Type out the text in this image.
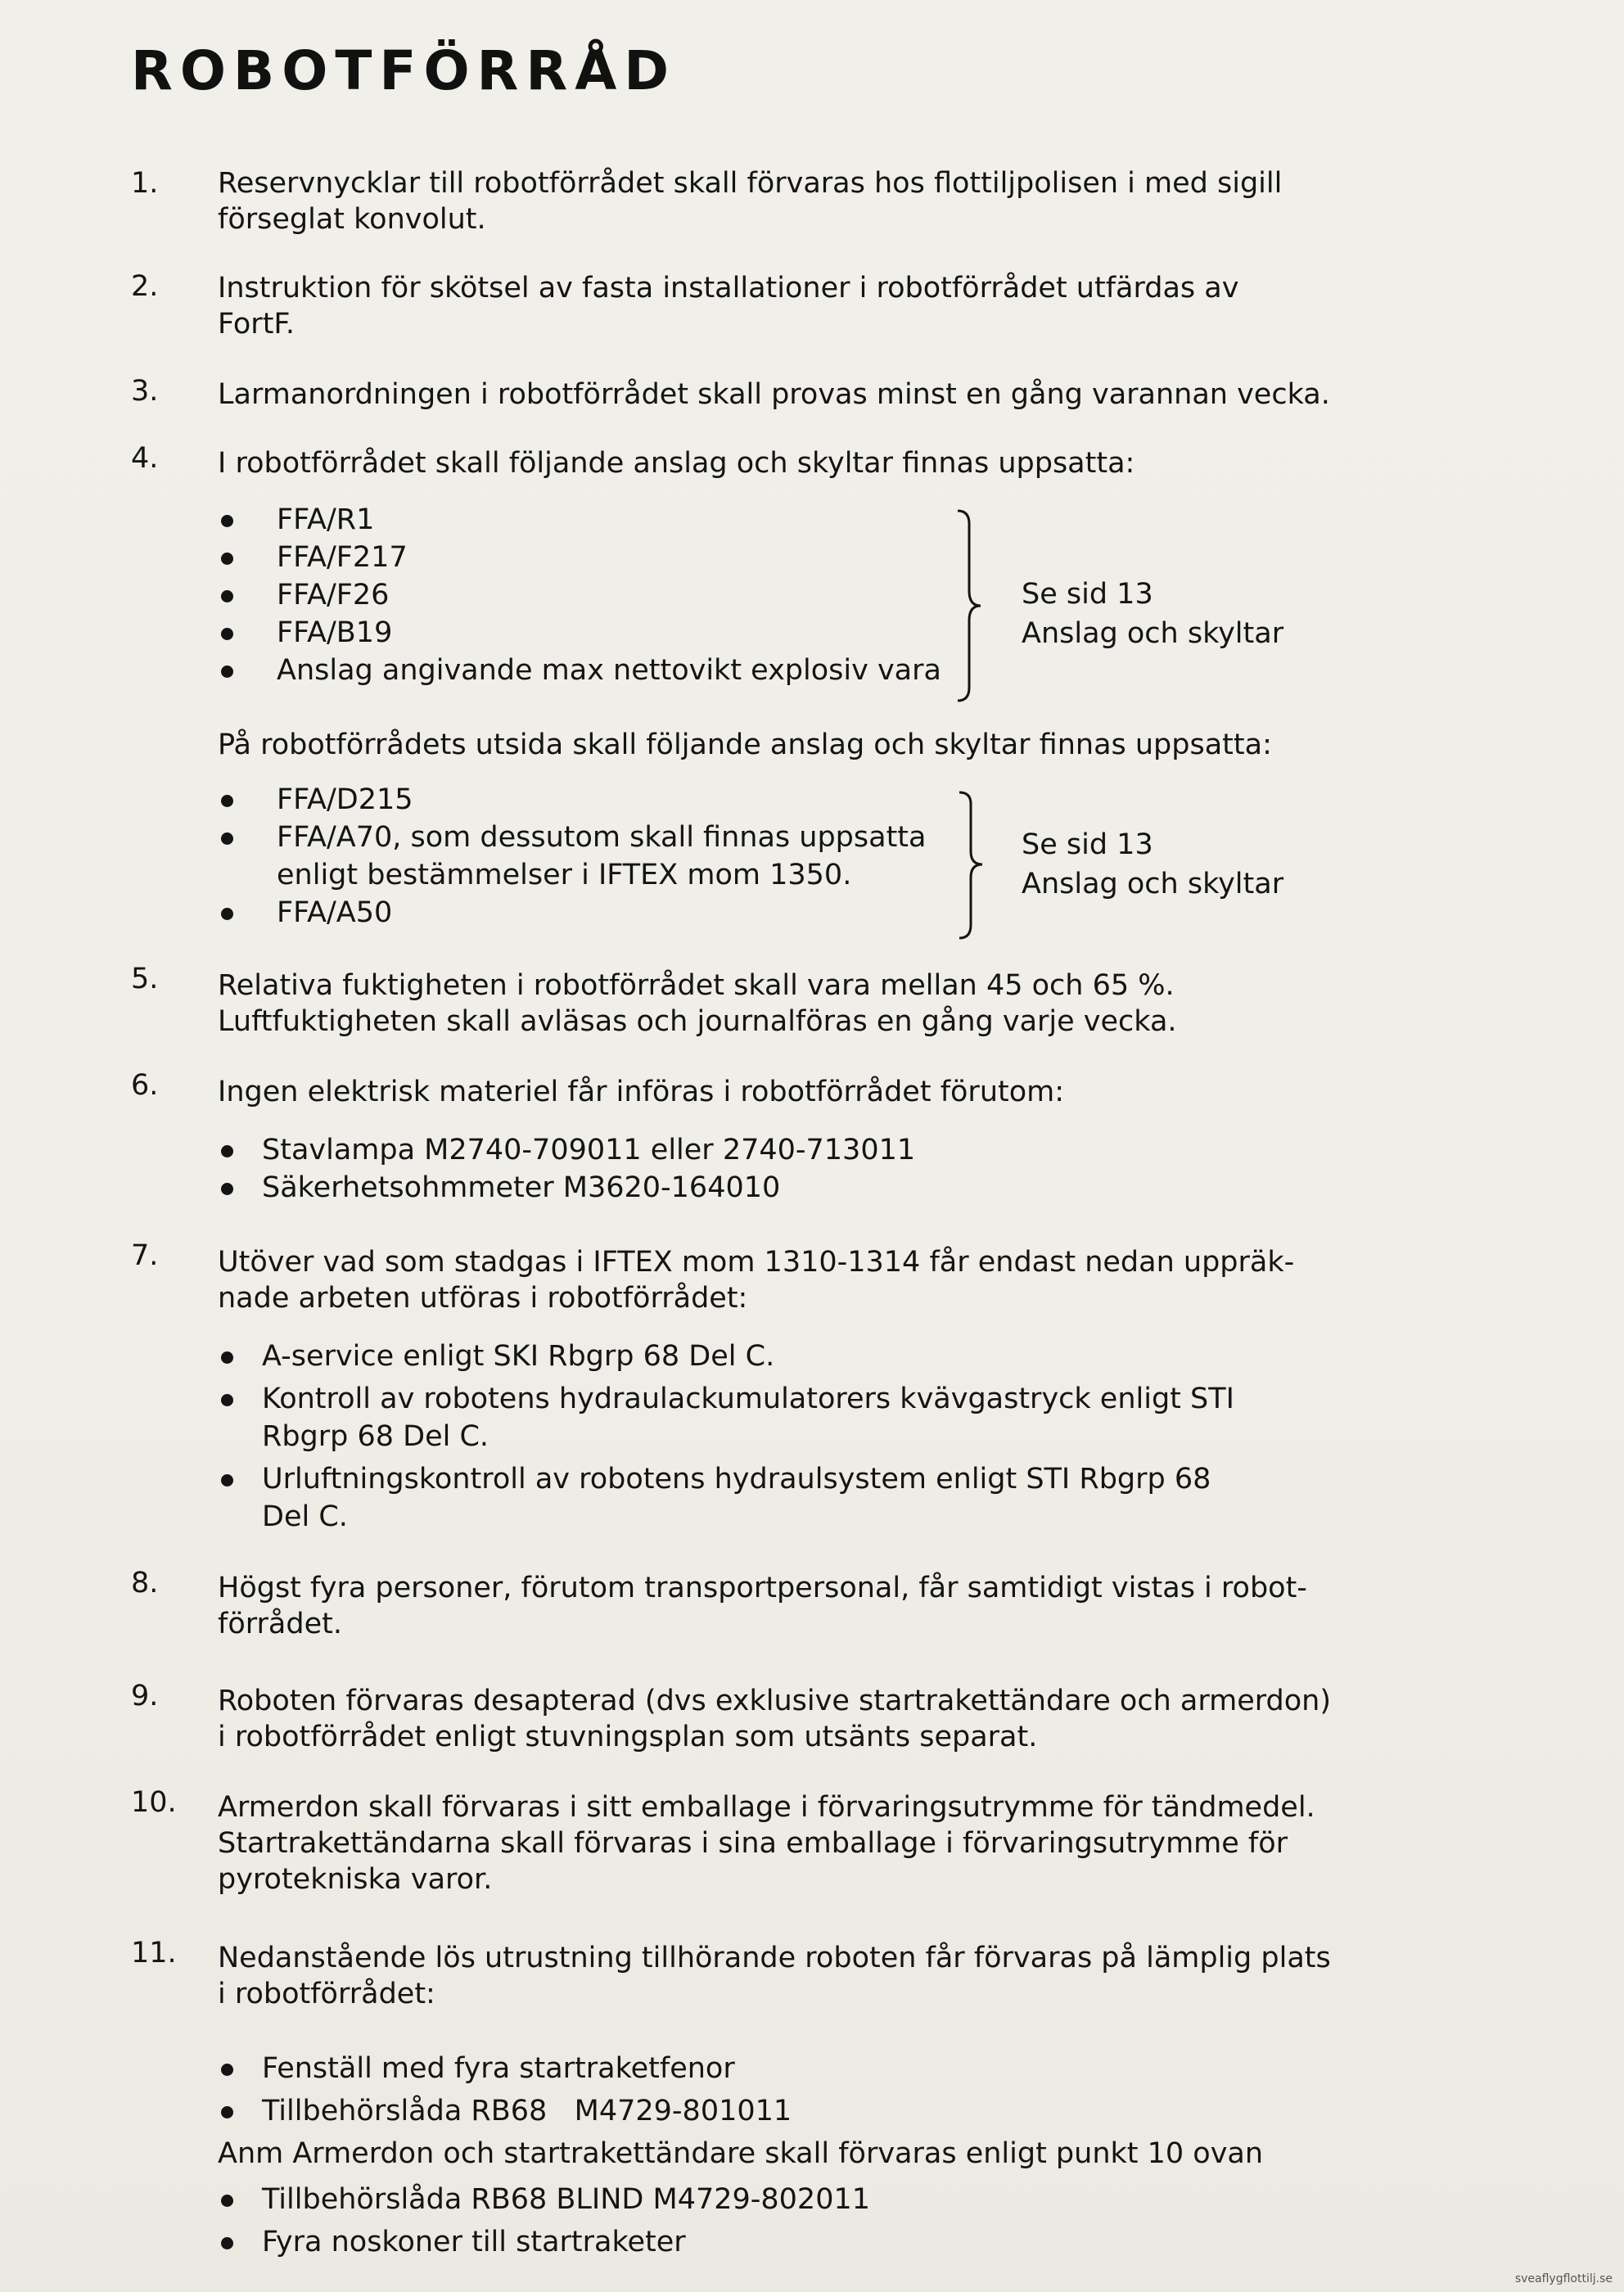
ROBOTFÖRRÅD
1. Reservnycklar till robotförrådet skall förvaras hos flottiljpolisen i med sigill
förseglat konvolut.
2. Instruktion för skötsel av fasta installationer i robotförrådet utfärdas av
FortF.
3. Larmanordningen i robotförrådet skall provas minst en gång varannan vecka.
4. I robotförrådet skall följande anslag och skyltar finnas uppsatta:
FFA/R1
FFA/F217
FFA/F26
FFA/B19
Anslag angivande max nettovikt explosiv vara
Se sid 13
Anslag och skyltar
På robotförrådets utsida skall följande anslag och skyltar finnas uppsatta:
FFA/D215
FFA/A70, som dessutom skall finnas uppsatta
enligt bestämmelser i IFTEX mom 1350.
FFA/A50
Se sid 13
Anslag och skyltar
5. Relativa fuktigheten i robotförrådet skall vara mellan 45 och 65 %.
Luftfuktigheten skall avläsas och journalföras en gång varje vecka.
6. Ingen elektrisk materiel får införas i robotförrådet förutom:
Stavlampa M2740-709011 eller 2740-713011
Säkerhetsohmmeter M3620-164010
7. Utöver vad som stadgas i IFTEX mom 1310-1314 får endast nedan uppräk-
nade arbeten utföras i robotförrådet:
A-service enligt SKI Rbgrp 68 Del C.
Kontroll av robotens hydraulackumulatorers kvävgastryck enligt STI
Rbgrp 68 Del C.
Urluftningskontroll av robotens hydraulsystem enligt STI Rbgrp 68
Del C.
8. Högst fyra personer, förutom transportpersonal, får samtidigt vistas i robot-
förrådet.
9. Roboten förvaras desapterad (dvs exklusive startrakettändare och armerdon)
i robotförrådet enligt stuvningsplan som utsänts separat.
10. Armerdon skall förvaras i sitt emballage i förvaringsutrymme för tändmedel.
Startrakettändarna skall förvaras i sina emballage i förvaringsutrymme för
pyrotekniska varor.
11. Nedanstående lös utrustning tillhörande roboten får förvaras på lämplig plats
i robotförrådet:
Fenställ med fyra startraketfenor
Tillbehörslåda RB68   M4729-801011
Anm Armerdon och startrakettändare skall förvaras enligt punkt 10 ovan
Tillbehörslåda RB68 BLIND M4729-802011
Fyra noskoner till startraketer
sveaflygflottilj.se
